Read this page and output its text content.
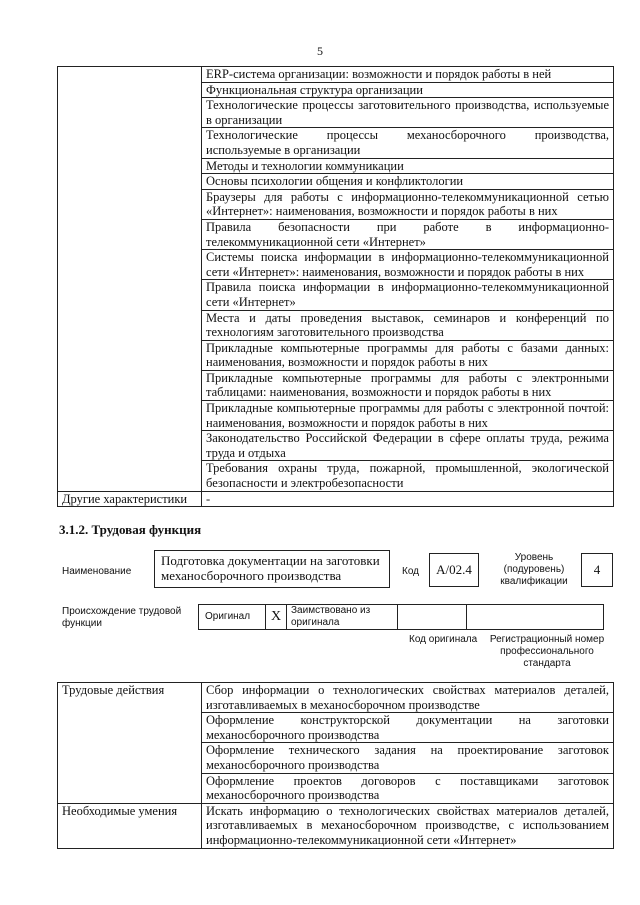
5
	ERP-система организации: возможности и порядок работы в ней
	Функциональная структура организации
	Технологические процессы заготовительного производства, используемые в организации
	Технологические процессы механосборочного производства, используемые в организации
	Методы и технологии коммуникации
	Основы психологии общения и конфликтологии
	Браузеры для работы с информационно-телекоммуникационной сетью «Интернет»: наименования, возможности и порядок работы в них
	Правила безопасности при работе в информационно-телекоммуникационной сети «Интернет»
	Системы поиска информации в информационно-телекоммуникационной сети «Интернет»: наименования, возможности и порядок работы в них
	Правила поиска информации в информационно-телекоммуникационной сети «Интернет»
	Места и даты проведения выставок, семинаров и конференций по технологиям заготовительного производства
	Прикладные компьютерные программы для работы с базами данных: наименования, возможности и порядок работы в них
	Прикладные компьютерные программы для работы с электронными таблицами: наименования, возможности и порядок работы в них
	Прикладные компьютерные программы для работы с электронной почтой: наименования, возможности и порядок работы в них
	Законодательство Российской Федерации в сфере оплаты труда, режима труда и отдыха
	Требования охраны труда, пожарной, промышленной, экологической безопасности и электробезопасности
Другие характеристики	-
3.1.2. Трудовая функция
Наименование
Подготовка документации на заготовки механосборочного производства	Код	A/02.4
Уровень (подуровень) квалификации
4
Происхождение трудовой функции
Оригинал	X Заимствовано из оригинала
Код оригинала	Регистрационный номер профессионального стандарта
Трудовые действия	Сбор информации о технологических свойствах материалов деталей, изготавливаемых в механосборочном производстве
	Оформление конструкторской документации на заготовки механосборочного производства
	Оформление технического задания на проектирование заготовок механосборочного производства
	Оформление проектов договоров с поставщиками заготовок механосборочного производства
Необходимые умения	Искать информацию о технологических свойствах материалов деталей, изготавливаемых в механосборочном производстве, с использованием информационно-телекоммуникационной сети «Интернет»
